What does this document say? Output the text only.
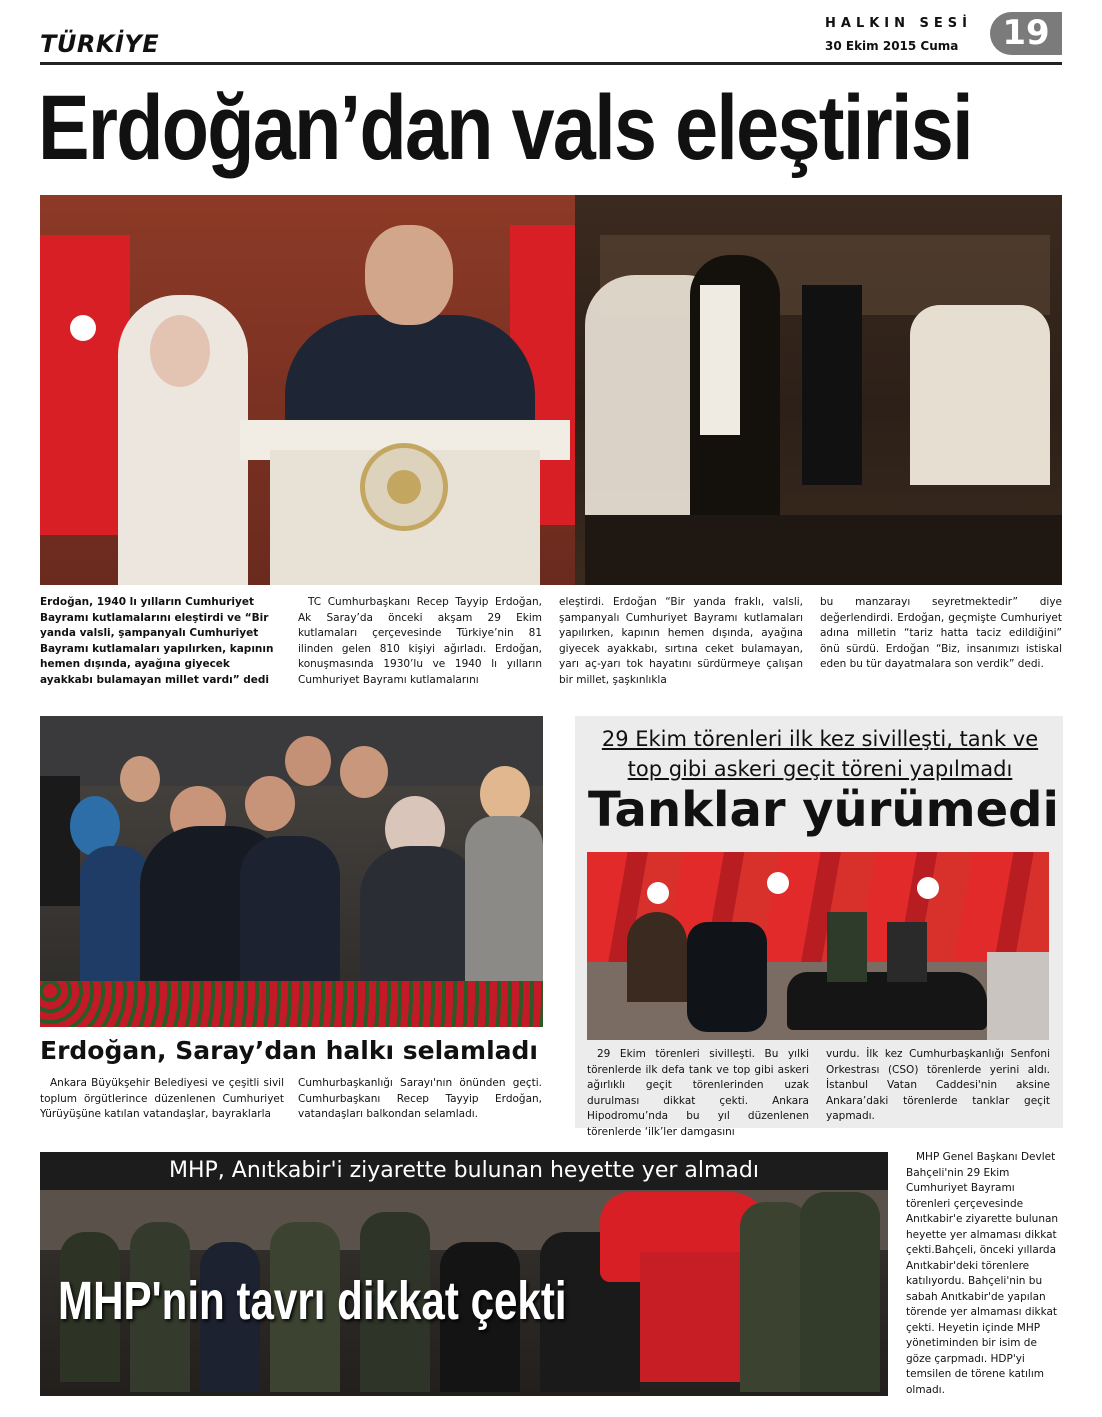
TÜRKİYE
HALKIN SESİ
30 Ekim 2015 Cuma	19
Erdoğan’dan vals eleştirisi
Erdoğan, 1940 lı yılların Cumhuriyet Bayramı kutlamalarını eleştirdi ve “Bir yanda valsli, şampanyalı Cumhuriyet Bayramı kutlamaları yapılırken, kapının hemen dışında, ayağına giyecek ayakkabı bulamayan millet vardı” dedi
TC Cumhurbaşkanı Recep Tayyip Erdoğan, Ak Saray’da önceki akşam 29 Ekim kutlamaları çerçevesinde Türkiye’nin 81 ilinden gelen 810 kişiyi ağırladı. Erdoğan, konuşmasında 1930’lu ve 1940 lı yılların Cumhuriyet Bayramı kutlamalarını
eleştirdi. Erdoğan “Bir yanda fraklı, valsli, şampanyalı Cumhuriyet Bayramı kutlamaları yapılırken, kapının hemen dışında, ayağına giyecek ayakkabı, sırtına ceket bulamayan, yarı aç-yarı tok hayatını sürdürmeye çalışan bir millet, şaşkınlıkla
bu manzarayı seyretmektedir” diye değerlendirdi. Erdoğan, geçmişte Cumhuriyet adına milletin “tariz hatta taciz edildiğini” önü sürdü. Erdoğan “Biz, insanımızı istiskal eden bu tür dayatmalara son verdik” dedi.
Erdoğan, Saray’dan halkı selamladı
Ankara Büyükşehir Belediyesi ve çeşitli sivil toplum örgütlerince düzenlenen Cumhuriyet Yürüyüşüne katılan vatandaşlar, bayraklarla
Cumhurbaşkanlığı Sarayı'nın önünden geçti. Cumhurbaşkanı Recep Tayyip Erdoğan, vatandaşları balkondan selamladı.
29 Ekim törenleri ilk kez sivilleşti, tank ve top gibi askeri geçit töreni yapılmadı
Tanklar yürümedi
29 Ekim törenleri sivilleşti. Bu yılki törenlerde ilk defa tank ve top gibi askeri ağırlıklı geçit törenlerinden uzak durulması dikkat çekti. Ankara Hipodromu’nda bu yıl düzenlenen törenlerde ‘ilk’ler damgasını
vurdu. İlk kez Cumhurbaşkanlığı Senfoni Orkestrası (CSO) törenlerde yerini aldı. İstanbul Vatan Caddesi'nin aksine Ankara’daki törenlerde tanklar geçit yapmadı.
MHP, Anıtkabir'i ziyarette bulunan heyette yer almadı
MHP'nin tavrı dikkat çekti
MHP Genel Başkanı Devlet Bahçeli'nin 29 Ekim Cumhuriyet Bayramı törenleri çerçevesinde Anıtkabir'e ziyarette bulunan heyette yer almaması dikkat çekti.Bahçeli, önceki yıllarda Anıtkabir'deki törenlere katılıyordu. Bahçeli'nin bu sabah Anıtkabir'de yapılan törende yer almaması dikkat çekti. Heyetin içinde MHP yönetiminden bir isim de göze çarpmadı. HDP'yi temsilen de törene katılım olmadı.
